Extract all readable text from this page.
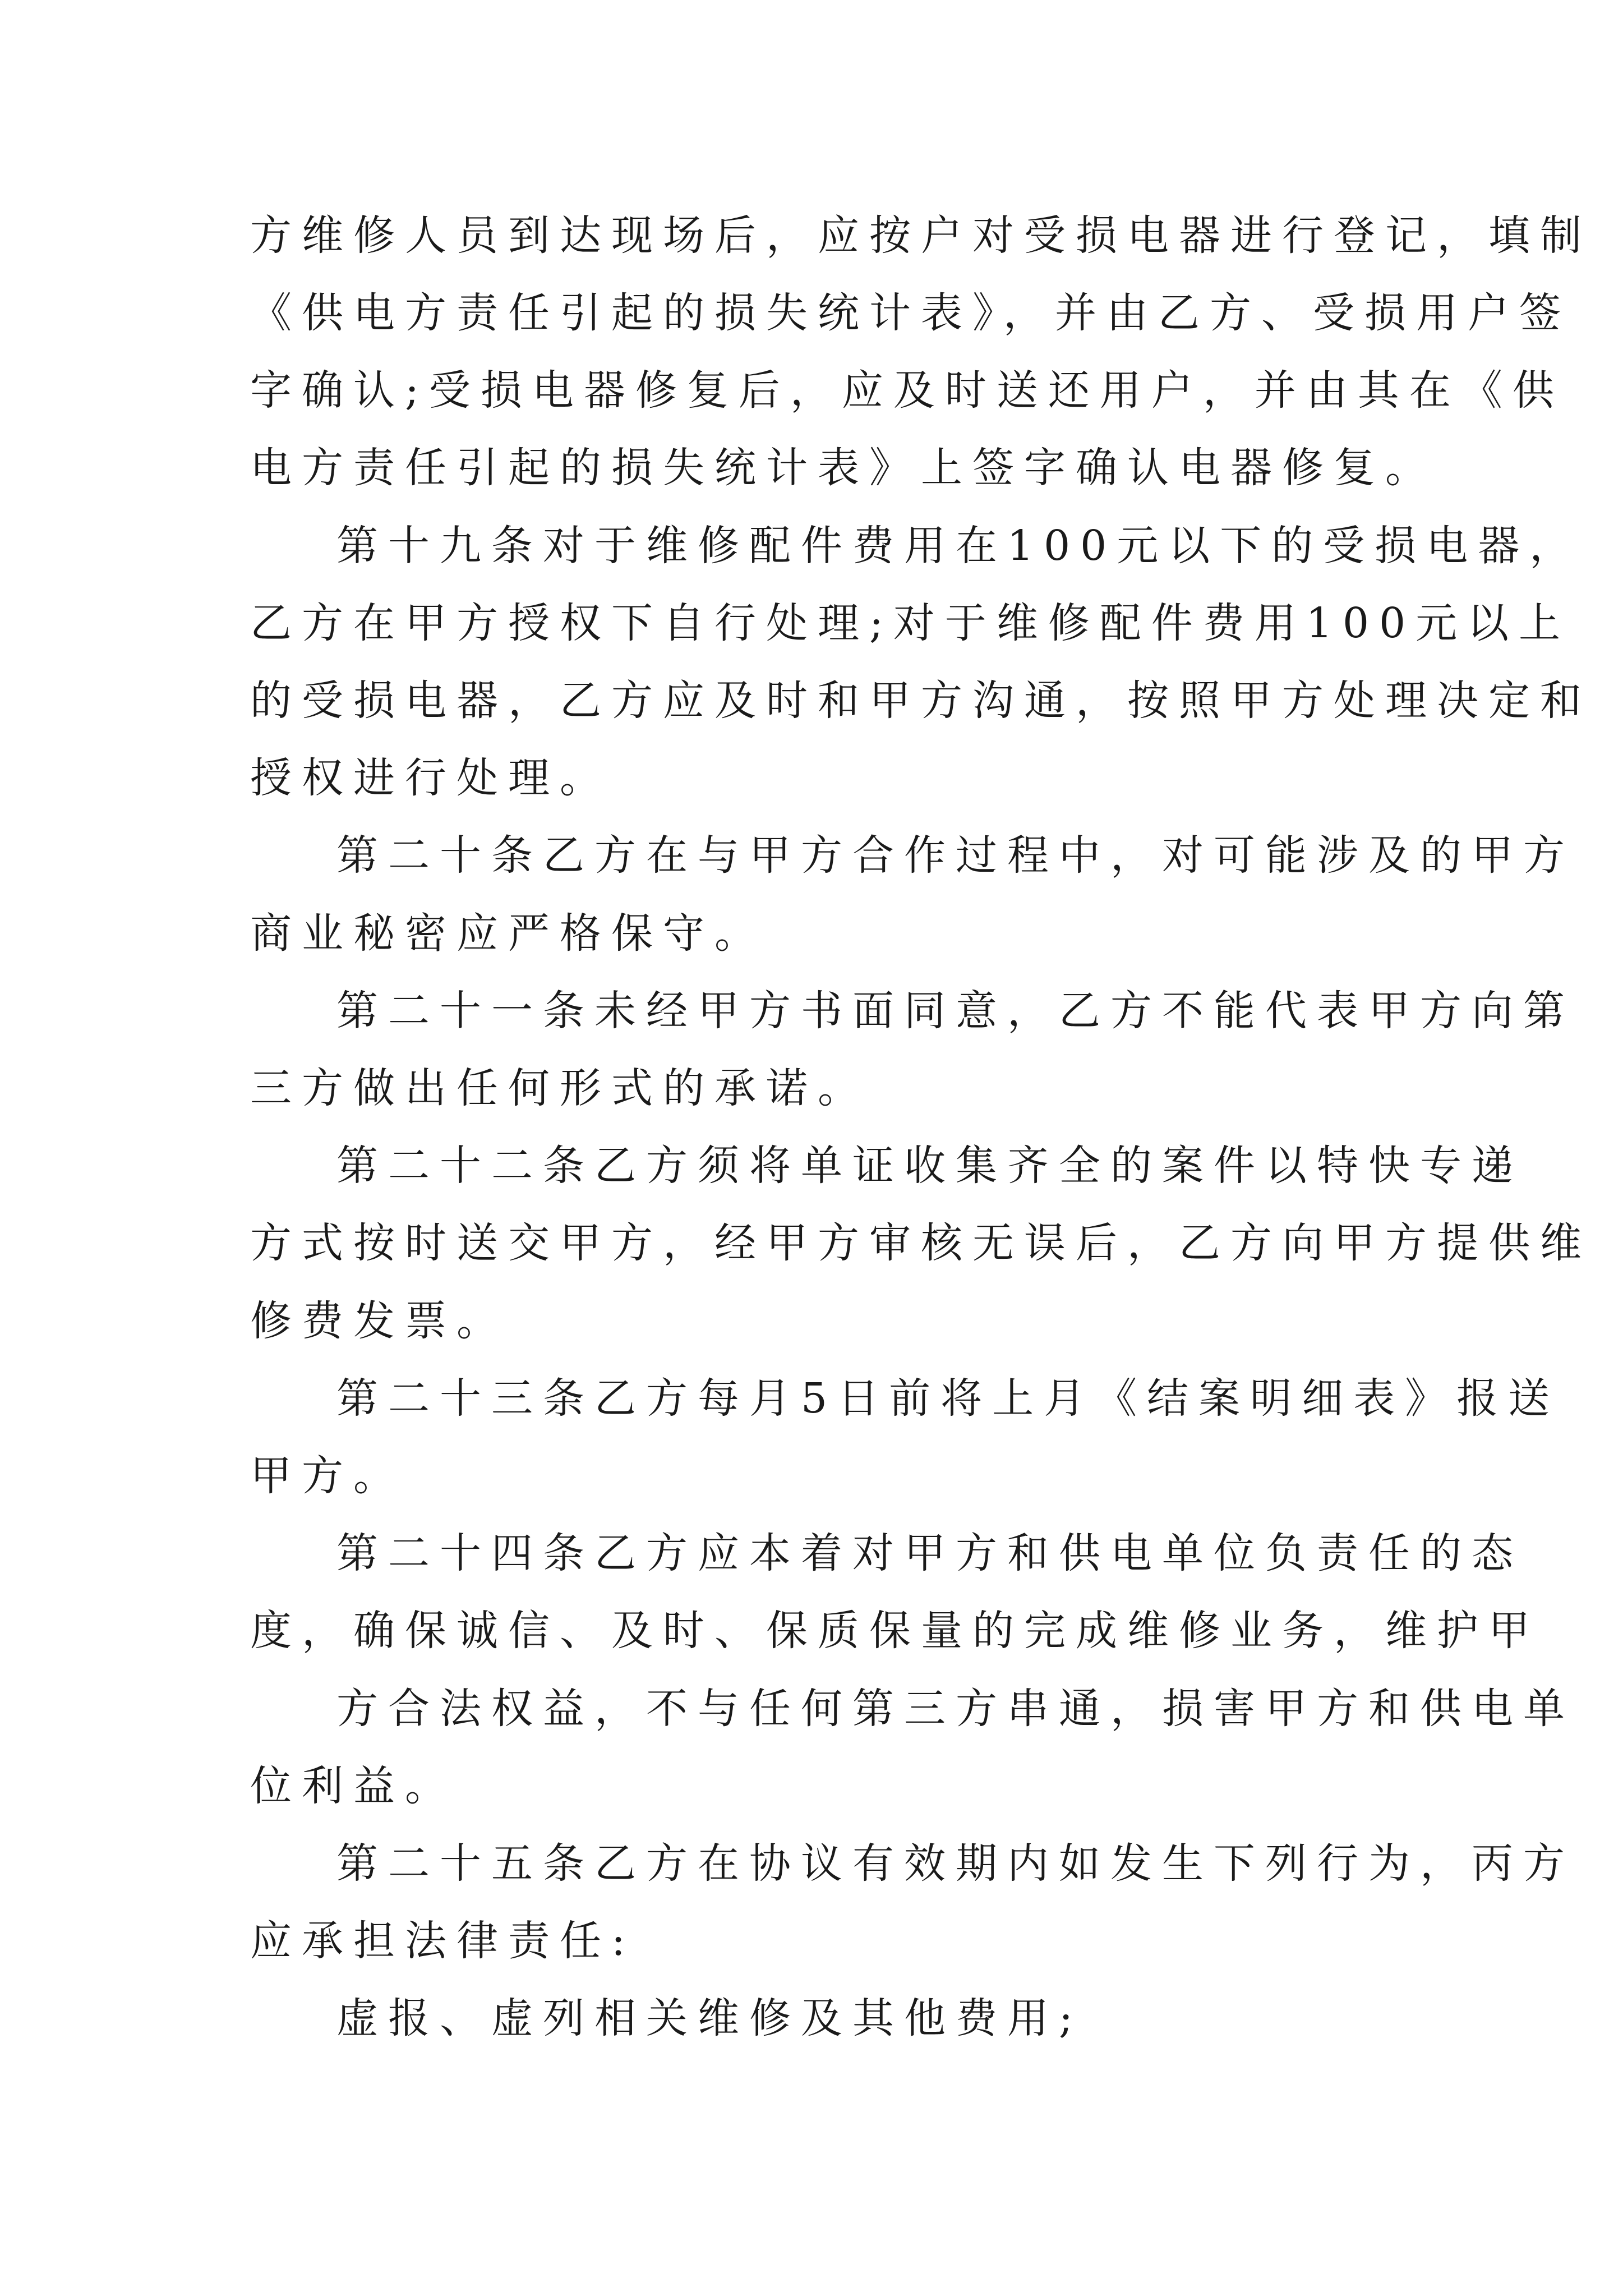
方维修人员到达现场后，应按户对受损电器进行登记，填制
《供电方责任引起的损失统计表》，并由乙方、受损用户签
字确认;受损电器修复后，应及时送还用户，并由其在《供
电方责任引起的损失统计表》上签字确认电器修复。
第十九条对于维修配件费用在100元以下的受损电器，
乙方在甲方授权下自行处理;对于维修配件费用100元以上
的受损电器，乙方应及时和甲方沟通，按照甲方处理决定和
授权进行处理。
第二十条乙方在与甲方合作过程中，对可能涉及的甲方
商业秘密应严格保守。
第二十一条未经甲方书面同意，乙方不能代表甲方向第
三方做出任何形式的承诺。
第二十二条乙方须将单证收集齐全的案件以特快专递
方式按时送交甲方，经甲方审核无误后，乙方向甲方提供维
修费发票。
第二十三条乙方每月5日前将上月《结案明细表》报送
甲方。
第二十四条乙方应本着对甲方和供电单位负责任的态
度，确保诚信、及时、保质保量的完成维修业务，维护甲
方合法权益，不与任何第三方串通，损害甲方和供电单
位利益。
第二十五条乙方在协议有效期内如发生下列行为，丙方
应承担法律责任:
虚报、虚列相关维修及其他费用;
